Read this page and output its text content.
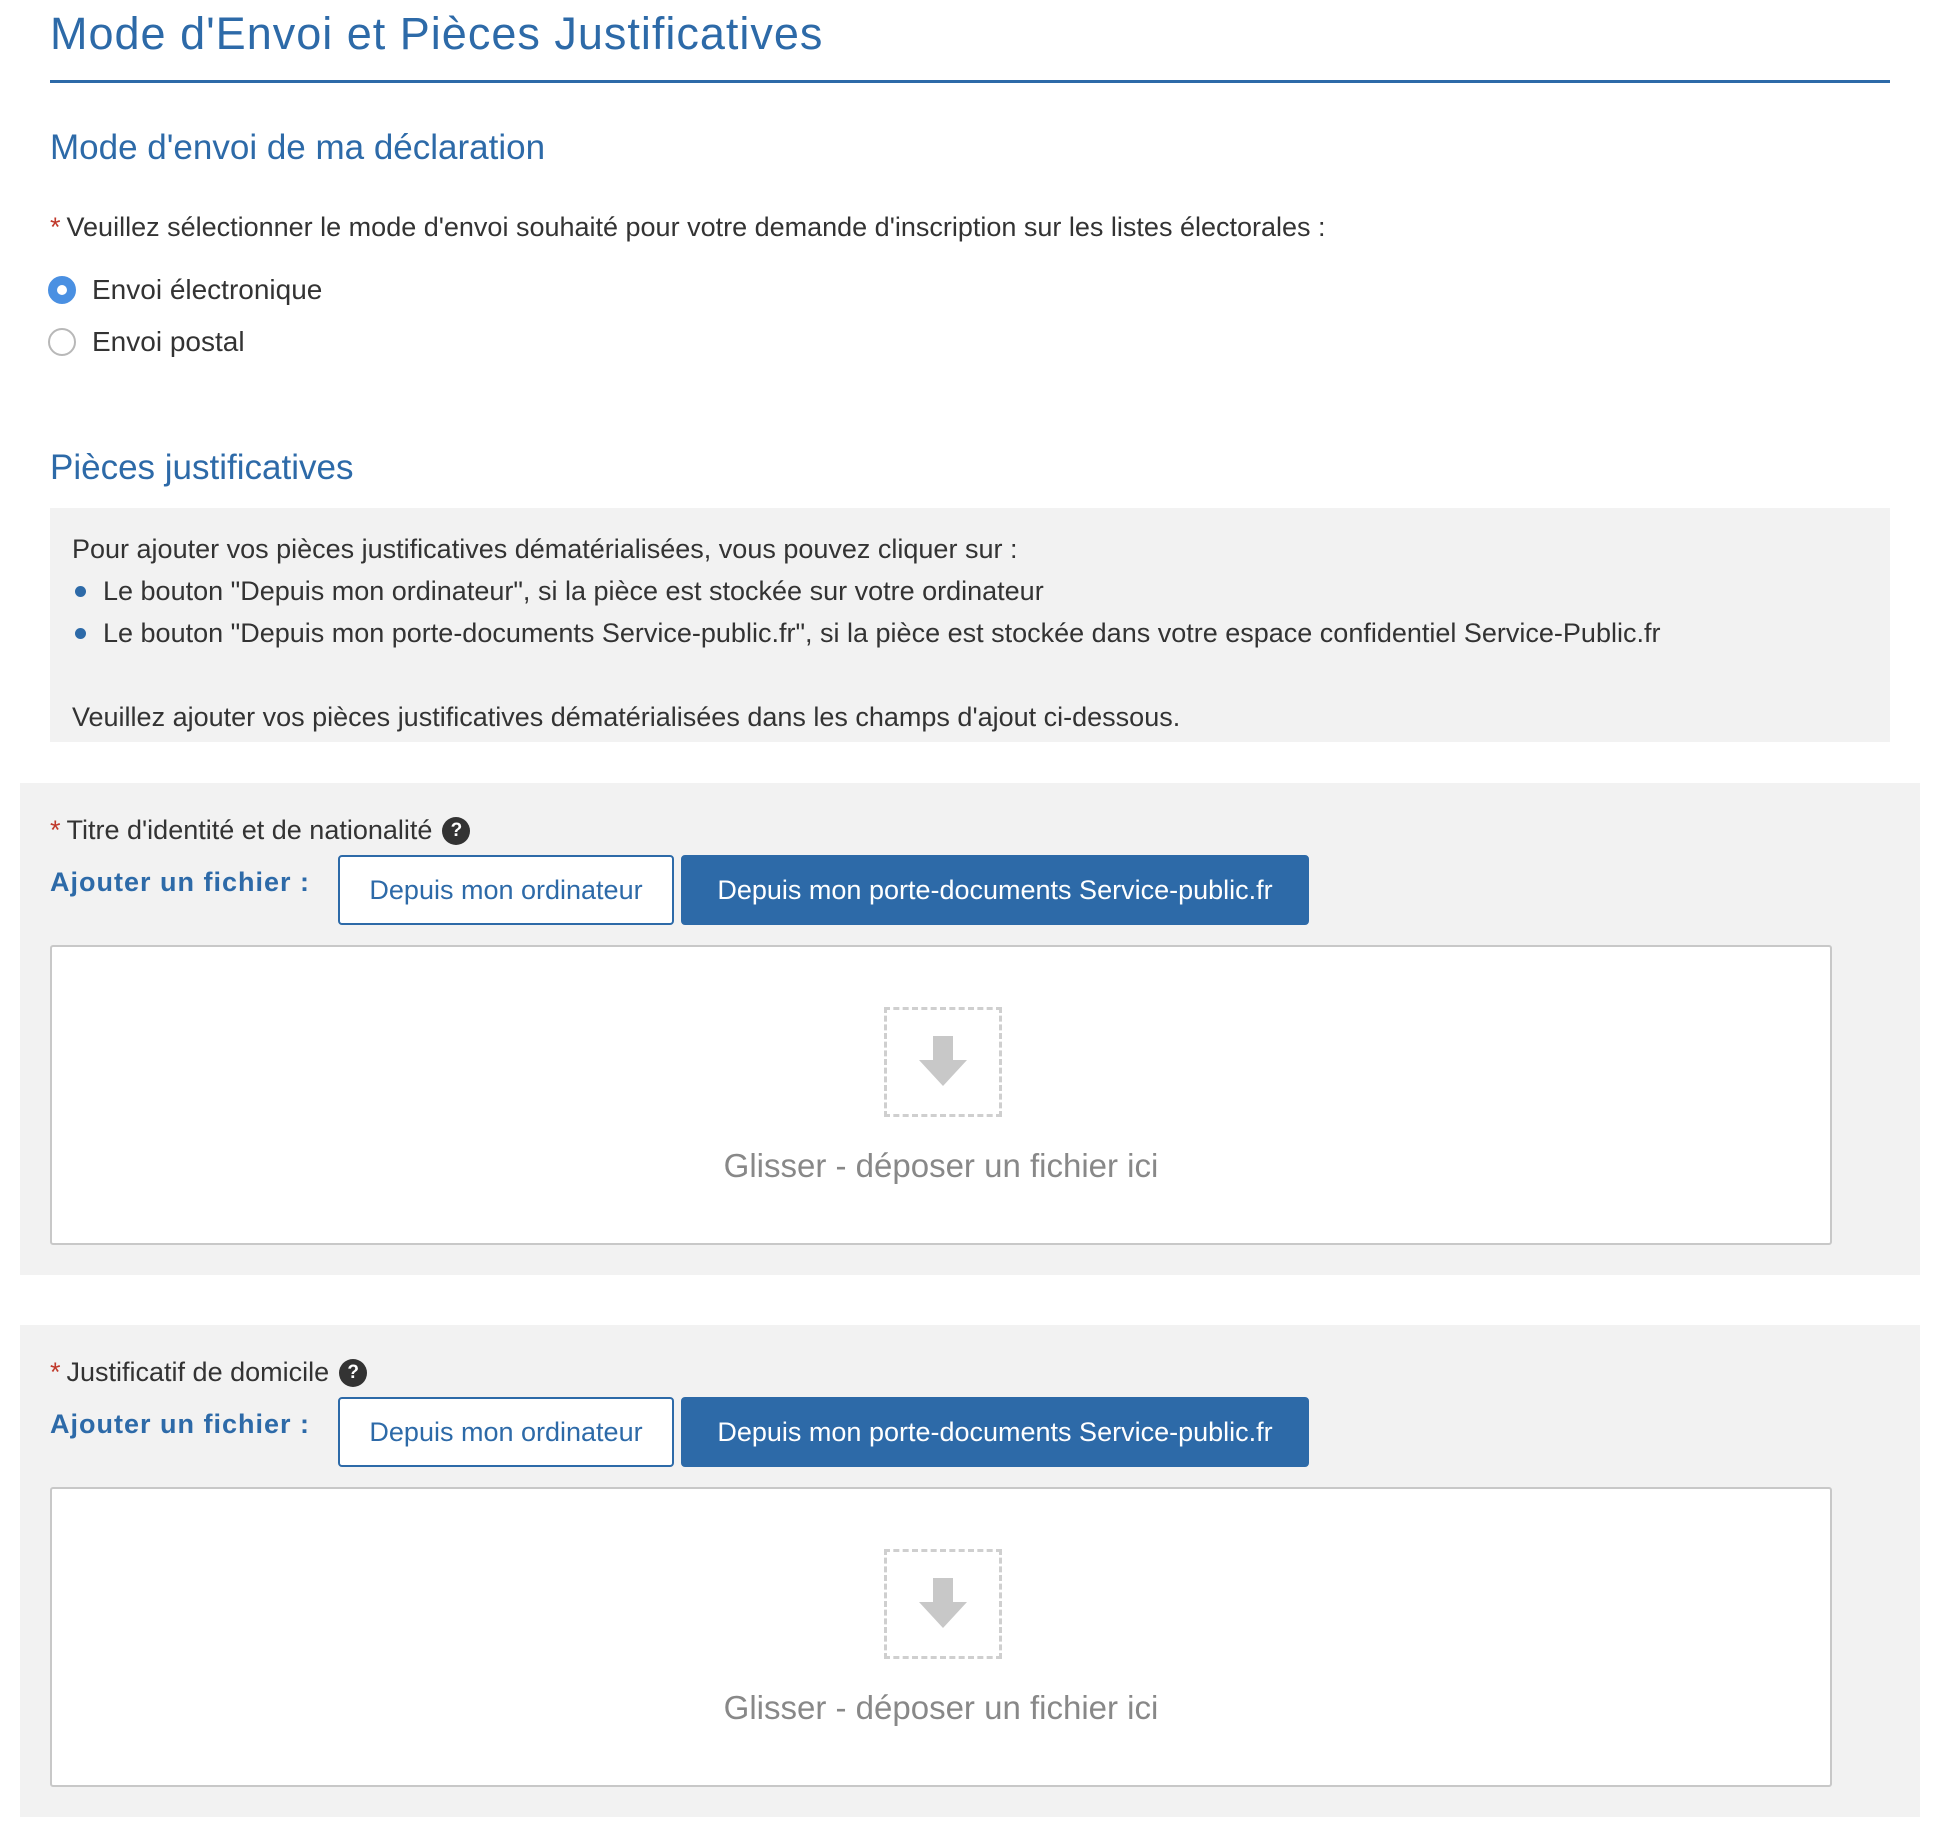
Mode d'Envoi et Pièces Justificatives
Mode d'envoi de ma déclaration
* Veuillez sélectionner le mode d'envoi souhaité pour votre demande d'inscription sur les listes électorales :
Envoi électronique
Envoi postal
Pièces justificatives
Pour ajouter vos pièces justificatives dématérialisées, vous pouvez cliquer sur :
Le bouton "Depuis mon ordinateur", si la pièce est stockée sur votre ordinateur
Le bouton "Depuis mon porte-documents Service-public.fr", si la pièce est stockée dans votre espace confidentiel Service-Public.fr
Veuillez ajouter vos pièces justificatives dématérialisées dans les champs d'ajout ci-dessous.
* Titre d'identité et de nationalité ?
Ajouter un fichier :	Depuis mon ordinateur	Depuis mon porte-documents Service-public.fr
Glisser - déposer un fichier ici
* Justificatif de domicile ?
Ajouter un fichier :	Depuis mon ordinateur	Depuis mon porte-documents Service-public.fr
Glisser - déposer un fichier ici
